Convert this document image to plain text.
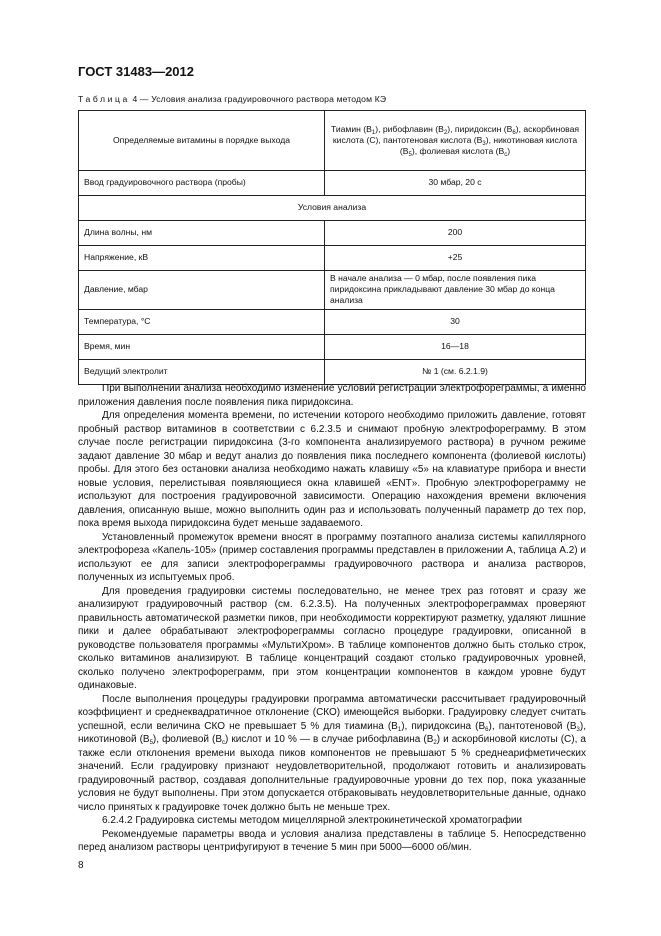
ГОСТ 31483—2012
Таблица 4 — Условия анализа градуировочного раствора методом КЭ
Определяемые витамины в порядке выхода	Тиамин $(B_1)$, рибофлавин $(B_2)$, пиридоксин $(B_6)$, аскорбиновая кислота (C), пантотеновая кислота $(B_3)$, никотиновая кислота $(B_5)$, фолиевая кислота $(B_c)$
Ввод градуировочного раствора (пробы)	30 мбар, 20 с
Условия анализа	
Длина волны, нм	200
Напряжение, кВ	+25
Давление, мбар	В начале анализа — 0 мбар, после появления пика пиридоксина прикладывают давление 30 мбар до конца анализа
Температура, °С	30
Время, мин	16—18
Ведущий электролит	№ 1 (см. 6.2.1.9)

При выполнении анализа необходимо изменение условий регистрации электрофореграммы, а именно приложения давления после появления пика пиридоксина.

Для определения момента времени, по истечении которого необходимо приложить давление, готовят пробный раствор витаминов в соответствии с 6.2.3.5 и снимают пробную электрофореграмму. В этом случае после регистрации пиридоксина (3-го компонента анализируемого раствора) в ручном режиме задают давление 30 мбар и ведут анализ до появления пика последнего компонента (фолиевой кислоты) пробы. Для этого без остановки анализа необходимо нажать клавишу «5» на клавиатуре прибора и внести новые условия, перелистывая появляющиеся окна клавишей «ENT». Пробную электрофореграмму не используют для построения градуировочной зависимости. Операцию нахождения времени включения давления, описанную выше, можно выполнить один раз и использовать полученный параметр до тех пор, пока время выхода пиридоксина будет меньше задаваемого.

Установленный промежуток времени вносят в программу поэтапного анализа системы капиллярного электрофореза «Капель-105» (пример составления программы представлен в приложении А, таблица А.2) и используют ее для записи электрофореграммы градуировочного раствора и анализа растворов, полученных из испытуемых проб.

Для проведения градуировки системы последовательно, не менее трех раз готовят и сразу же анализируют градуировочный раствор (см. 6.2.3.5). На полученных электрофореграммах проверяют правильность автоматической разметки пиков, при необходимости корректируют разметку, удаляют лишние пики и далее обрабатывают электрофореграммы согласно процедуре градуировки, описанной в руководстве пользователя программы «МультиХром». В таблице компонентов должно быть столько строк, сколько витаминов анализируют. В таблице концентраций создают столько градуировочных уровней, сколько получено электрофореграмм, при этом концентрации компонентов в каждом уровне будут одинаковые.

После выполнения процедуры градуировки программа автоматически рассчитывает градуировочный коэффициент и среднеквадратичное отклонение (СКО) имеющейся выборки. Градуировку следует считать успешной, если величина СКО не превышает 5 % для тиамина $(B_1)$, пиридоксина $(B_6)$, пантотеновой $(B_3)$, никотиновой $(B_5)$, фолиевой $(B_c)$ кислот и 10 % — в случае рибофлавина $(B_2)$ и аскорбиновой кислоты (C), а также если отклонения времени выхода пиков компонентов не превышают 5 % среднеарифметических значений. Если градуировку признают неудовлетворительной, продолжают готовить и анализировать градуировочный раствор, создавая дополнительные градуировочные уровни до тех пор, пока указанные условия не будут выполнены. При этом допускается отбраковывать неудовлетворительные данные, однако число принятых к градуировке точек должно быть не меньше трех.

6.2.4.2 Градуировка системы методом мицеллярной электрокинетической хроматографии

Рекомендуемые параметры ввода и условия анализа представлены в таблице 5. Непосредственно перед анализом растворы центрифугируют в течение 5 мин при 5000—6000 об/мин.

8
